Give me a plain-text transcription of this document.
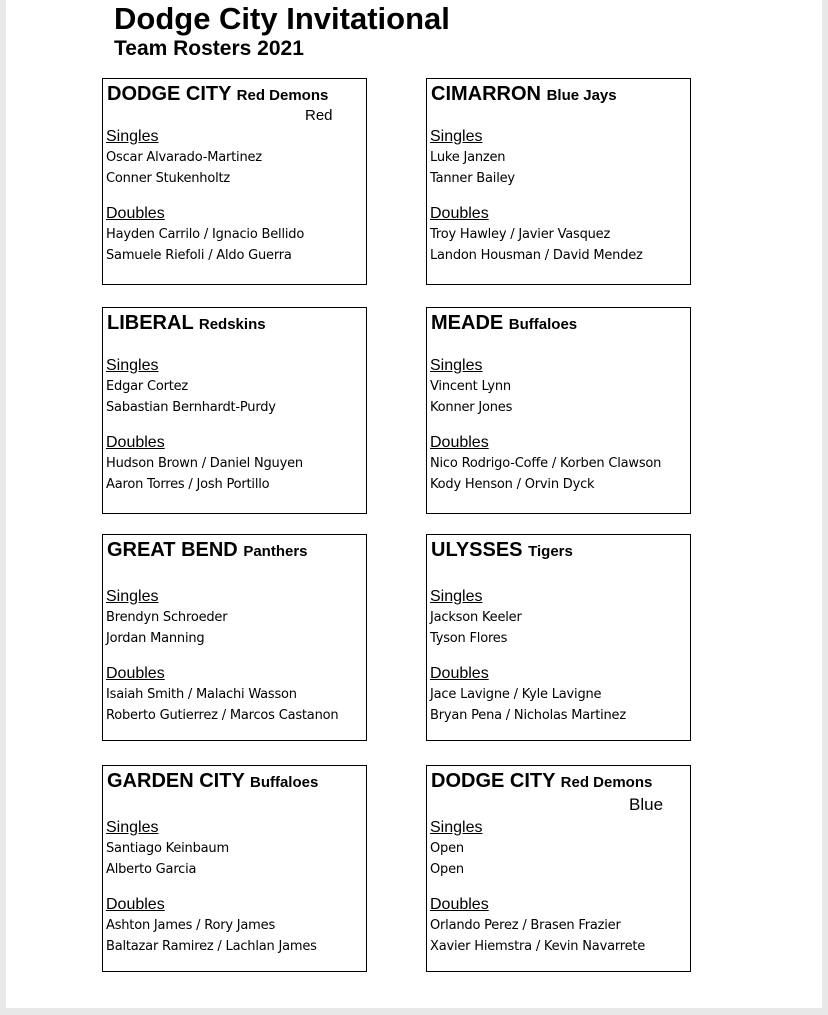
Dodge City Invitational
Team Rosters 2021
DODGE CITY Red Demons
Red
Singles
Oscar Alvarado-Martinez
Conner Stukenholtz
Doubles
Hayden Carrilo / Ignacio Bellido
Samuele Riefoli / Aldo Guerra
CIMARRON Blue Jays
Singles
Luke Janzen
Tanner Bailey
Doubles
Troy Hawley / Javier Vasquez
Landon Housman / David Mendez
LIBERAL Redskins
Singles
Edgar Cortez
Sabastian Bernhardt-Purdy
Doubles
Hudson Brown / Daniel Nguyen
Aaron Torres / Josh Portillo
MEADE Buffaloes
Singles
Vincent Lynn
Konner Jones
Doubles
Nico Rodrigo-Coffe / Korben Clawson
Kody Henson / Orvin Dyck
GREAT BEND Panthers
Singles
Brendyn Schroeder
Jordan Manning
Doubles
Isaiah Smith / Malachi Wasson
Roberto Gutierrez / Marcos Castanon
ULYSSES Tigers
Singles
Jackson Keeler
Tyson Flores
Doubles
Jace Lavigne / Kyle Lavigne
Bryan Pena / Nicholas Martinez
GARDEN CITY Buffaloes
Singles
Santiago Keinbaum
Alberto Garcia
Doubles
Ashton James / Rory James
Baltazar Ramirez / Lachlan James
DODGE CITY Red Demons
Blue
Singles
Open
Open
Doubles
Orlando Perez / Brasen Frazier
Xavier Hiemstra / Kevin Navarrete
